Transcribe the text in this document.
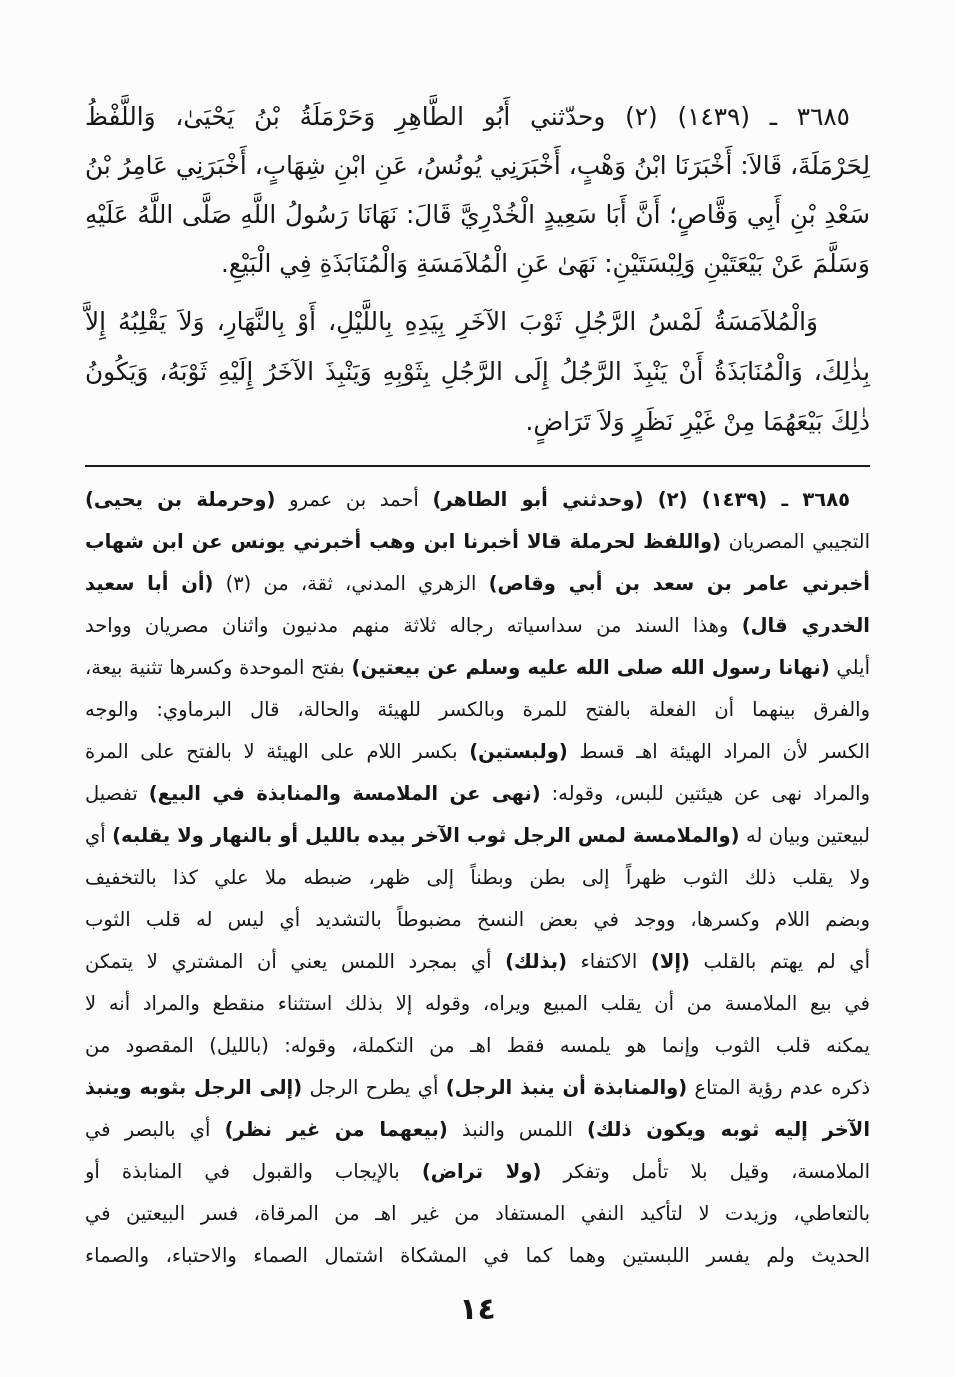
٣٦٨٥ ـ (١٤٣٩) (٢) وحدّثني أَبُو الطَّاهِرِ وَحَرْمَلَةُ بْنُ يَحْيَىٰ، وَاللَّفْظُ
لِحَرْمَلَةَ، قَالاَ: أَخْبَرَنَا ابْنُ وَهْبٍ، أَخْبَرَنِي يُونُسُ، عَنِ ابْنِ شِهَابٍ، أَخْبَرَنِي عَامِرُ بْنُ
سَعْدِ بْنِ أَبِي وَقَّاصٍ؛ أَنَّ أَبَا سَعِيدٍ الْخُدْرِيَّ قَالَ: نَهَانَا رَسُولُ اللَّهِ صَلَّى اللَّهُ عَلَيْهِ
وَسَلَّمَ عَنْ بَيْعَتَيْنِ وَلِبْسَتَيْنِ: نَهَىٰ عَنِ الْمُلاَمَسَةِ وَالْمُنَابَذَةِ فِي الْبَيْعِ.
وَالْمُلاَمَسَةُ لَمْسُ الرَّجُلِ ثَوْبَ الآخَرِ بِيَدِهِ بِاللَّيْلِ، أَوْ بِالنَّهَارِ، وَلاَ يَقْلِبُهُ إِلاَّ
بِذٰلِكَ، وَالْمُنَابَذَةُ أَنْ يَنْبِذَ الرَّجُلُ إِلَى الرَّجُلِ بِثَوْبِهِ وَيَنْبِذَ الآخَرُ إِلَيْهِ ثَوْبَهُ، وَيَكُونُ
ذٰلِكَ بَيْعَهُمَا مِنْ غَيْرِ نَظَرٍ وَلاَ تَرَاضٍ.
٣٦٨٥ ـ (١٤٣٩) (٢) (وحدثني أبو الطاهر) أحمد بن عمرو (وحرملة بن يحيى)
التجيبي المصريان (واللفظ لحرملة قالا أخبرنا ابن وهب أخبرني يونس عن ابن شهاب
أخبرني عامر بن سعد بن أبي وقاص) الزهري المدني، ثقة، من (٣) (أن أبا سعيد
الخدري قال) وهذا السند من سداسياته رجاله ثلاثة منهم مدنيون واثنان مصريان وواحد
أيلي (نهانا رسول الله صلى الله عليه وسلم عن بيعتين) بفتح الموحدة وكسرها تثنية بيعة،
والفرق بينهما أن الفعلة بالفتح للمرة وبالكسر للهيئة والحالة، قال البرماوي: والوجه
الكسر لأن المراد الهيئة اهـ قسط (ولبستين) بكسر اللام على الهيئة لا بالفتح على المرة
والمراد نهى عن هيئتين للبس، وقوله: (نهى عن الملامسة والمنابذة في البيع) تفصيل
لبيعتين وبيان له (والملامسة لمس الرجل ثوب الآخر بيده بالليل أو بالنهار ولا يقلبه) أي
ولا يقلب ذلك الثوب ظهراً إلى بطن وبطناً إلى ظهر، ضبطه ملا علي كذا بالتخفيف
وبضم اللام وكسرها، ووجد في بعض النسخ مضبوطاً بالتشديد أي ليس له قلب الثوب
أي لم يهتم بالقلب (إلا) الاكتفاء (بذلك) أي بمجرد اللمس يعني أن المشتري لا يتمكن
في بيع الملامسة من أن يقلب المبيع ويراه، وقوله إلا بذلك استثناء منقطع والمراد أنه لا
يمكنه قلب الثوب وإنما هو يلمسه فقط اهـ من التكملة، وقوله: (بالليل) المقصود من
ذكره عدم رؤية المتاع (والمنابذة أن ينبذ الرجل) أي يطرح الرجل (إلى الرجل بثوبه وينبذ
الآخر إليه ثوبه ويكون ذلك) اللمس والنبذ (بيعهما من غير نظر) أي بالبصر في
الملامسة، وقيل بلا تأمل وتفكر (ولا تراض) بالإيجاب والقبول في المنابذة أو
بالتعاطي، وزيدت لا لتأكيد النفي المستفاد من غير اهـ من المرقاة، فسر البيعتين في
الحديث ولم يفسر اللبستين وهما كما في المشكاة اشتمال الصماء والاحتباء، والصماء
١٤
